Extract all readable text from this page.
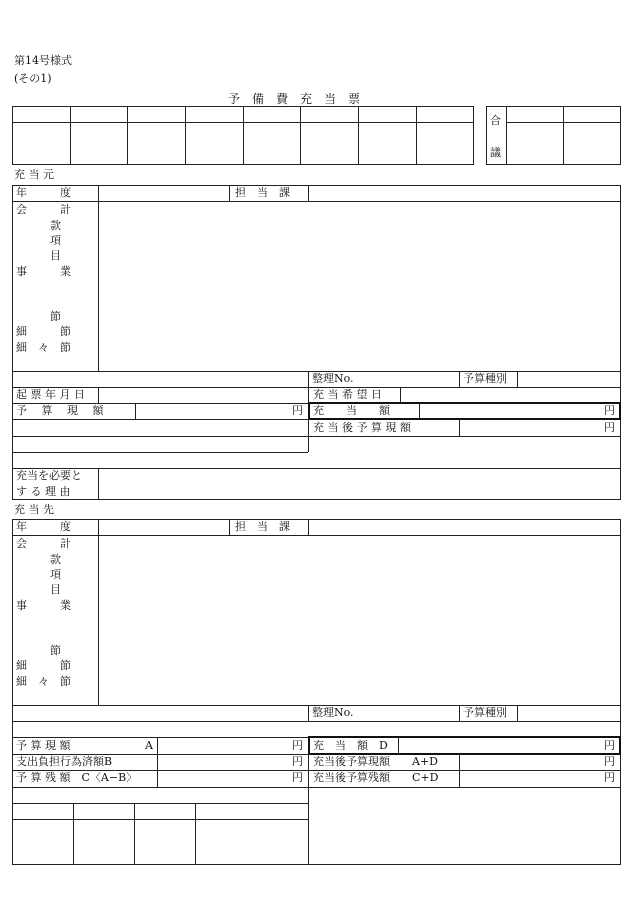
第14号様式
(その1)
予　備　費　充　当　票
合
議
充 当 元
年　　　度	担　当　課
会　　　計
款
項
目
事　　　業
節
細　　　節
細　々　節
整理No.	予算種別
起 票 年 月 日	充 当 希 望 日
予　 算　 現　 額	円 充　　当　　額	円
充 当 後 予 算 現 額	円
充当を必要と
す る 理 由
充 当 先
年　　　度	担　当　課
会　　　計
款
項
目
事　　　業
節
細　　　節
細　々　節
整理No.	予算種別
予 算 現 額	A	円 充　当　額　D	円
支出負担行為済額B	円 充当後予算現額　　A+D	円
予 算 残 額　C〈A−B〉	円 充当後予算残額　　C+D	円
